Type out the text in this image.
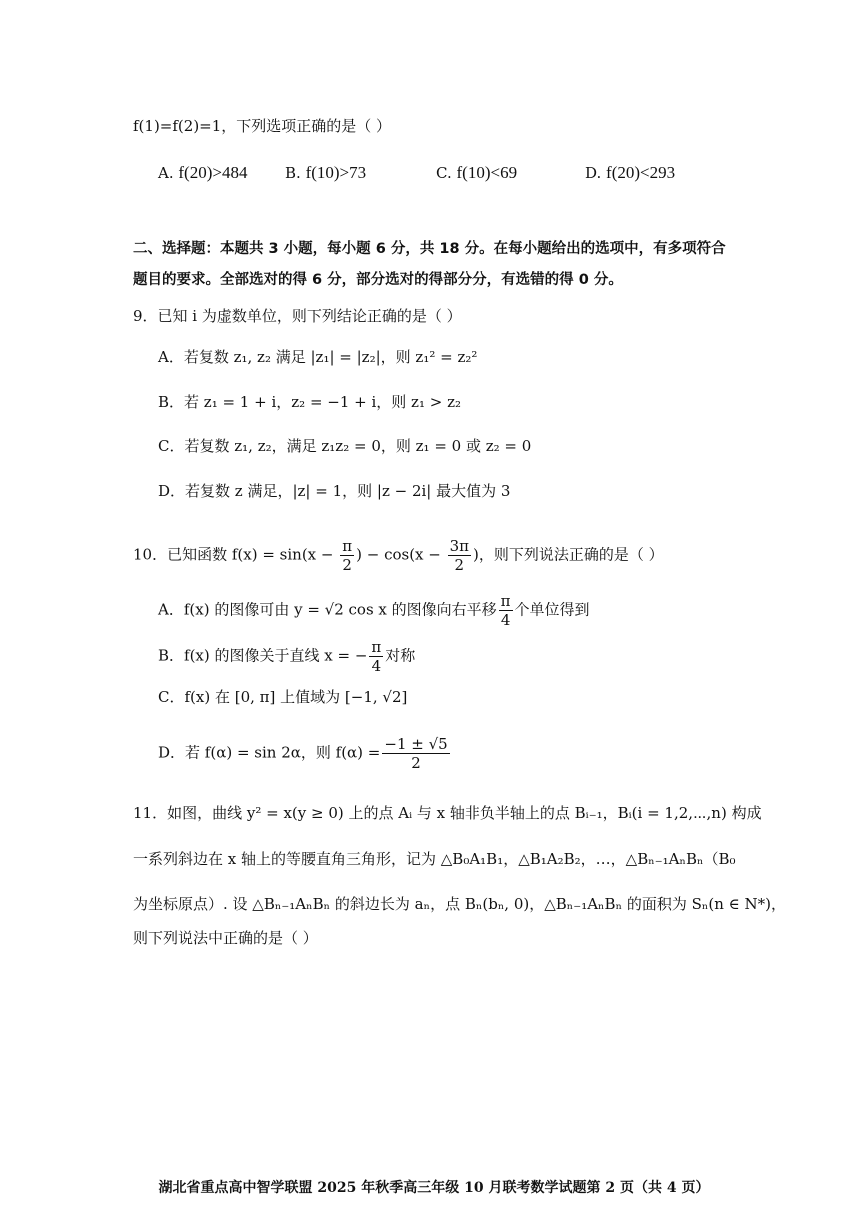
f(1)=f(2)=1，下列选项正确的是（ ）
A. f(20)>484	B. f(10)>73	C. f(10)<69	D. f(20)<293
二、选择题：本题共 3 小题，每小题 6 分，共 18 分。在每小题给出的选项中，有多项符合
题目的要求。全部选对的得 6 分，部分选对的得部分分，有选错的得 0 分。
9．已知 i 为虚数单位，则下列结论正确的是（ ）
A．若复数 z₁, z₂ 满足 |z₁| = |z₂|，则 z₁² = z₂²
B．若 z₁ = 1 + i，z₂ = −1 + i，则 z₁ > z₂
C．若复数 z₁, z₂，满足 z₁z₂ = 0，则 z₁ = 0 或 z₂ = 0
D．若复数 z 满足，|z| = 1，则 |z − 2i| 最大值为 3
10．已知函数 $f(x) = \sin(x - \frac{\pi}{2}$ ) − $\cos(x - \frac{3\pi}{2}$ )，则下列说法正确的是（ ）
A．f(x) 的图像可由 y = √2 cos x 的图像向右平移 $\frac{\pi}{4}$ 个单位得到
B．f(x) 的图像关于直线 x = − $\frac{\pi}{4}$ 对称
C．f(x) 在 [0, π] 上值域为 [−1, √2]
D．若 f(α) = sin 2α，则 $f(\alpha) = \frac{-1 \pm √5}{2}$
11．如图，曲线 y² = x(y ≥ 0) 上的点 Aᵢ 与 x 轴非负半轴上的点 Bᵢ₋₁，Bᵢ(i = 1,2,⋯,n) 构成
一系列斜边在 x 轴上的等腰直角三角形，记为 △B₀A₁B₁，△B₁A₂B₂，…，△Bₙ₋₁AₙBₙ（B₀
为坐标原点）. 设 △Bₙ₋₁AₙBₙ 的斜边长为 aₙ，点 Bₙ(bₙ, 0)，△Bₙ₋₁AₙBₙ 的面积为 Sₙ(n ∈ N*)，
则下列说法中正确的是（ ）
湖北省重点高中智学联盟 2025 年秋季高三年级 10 月联考数学试题第 2 页（共 4 页）
